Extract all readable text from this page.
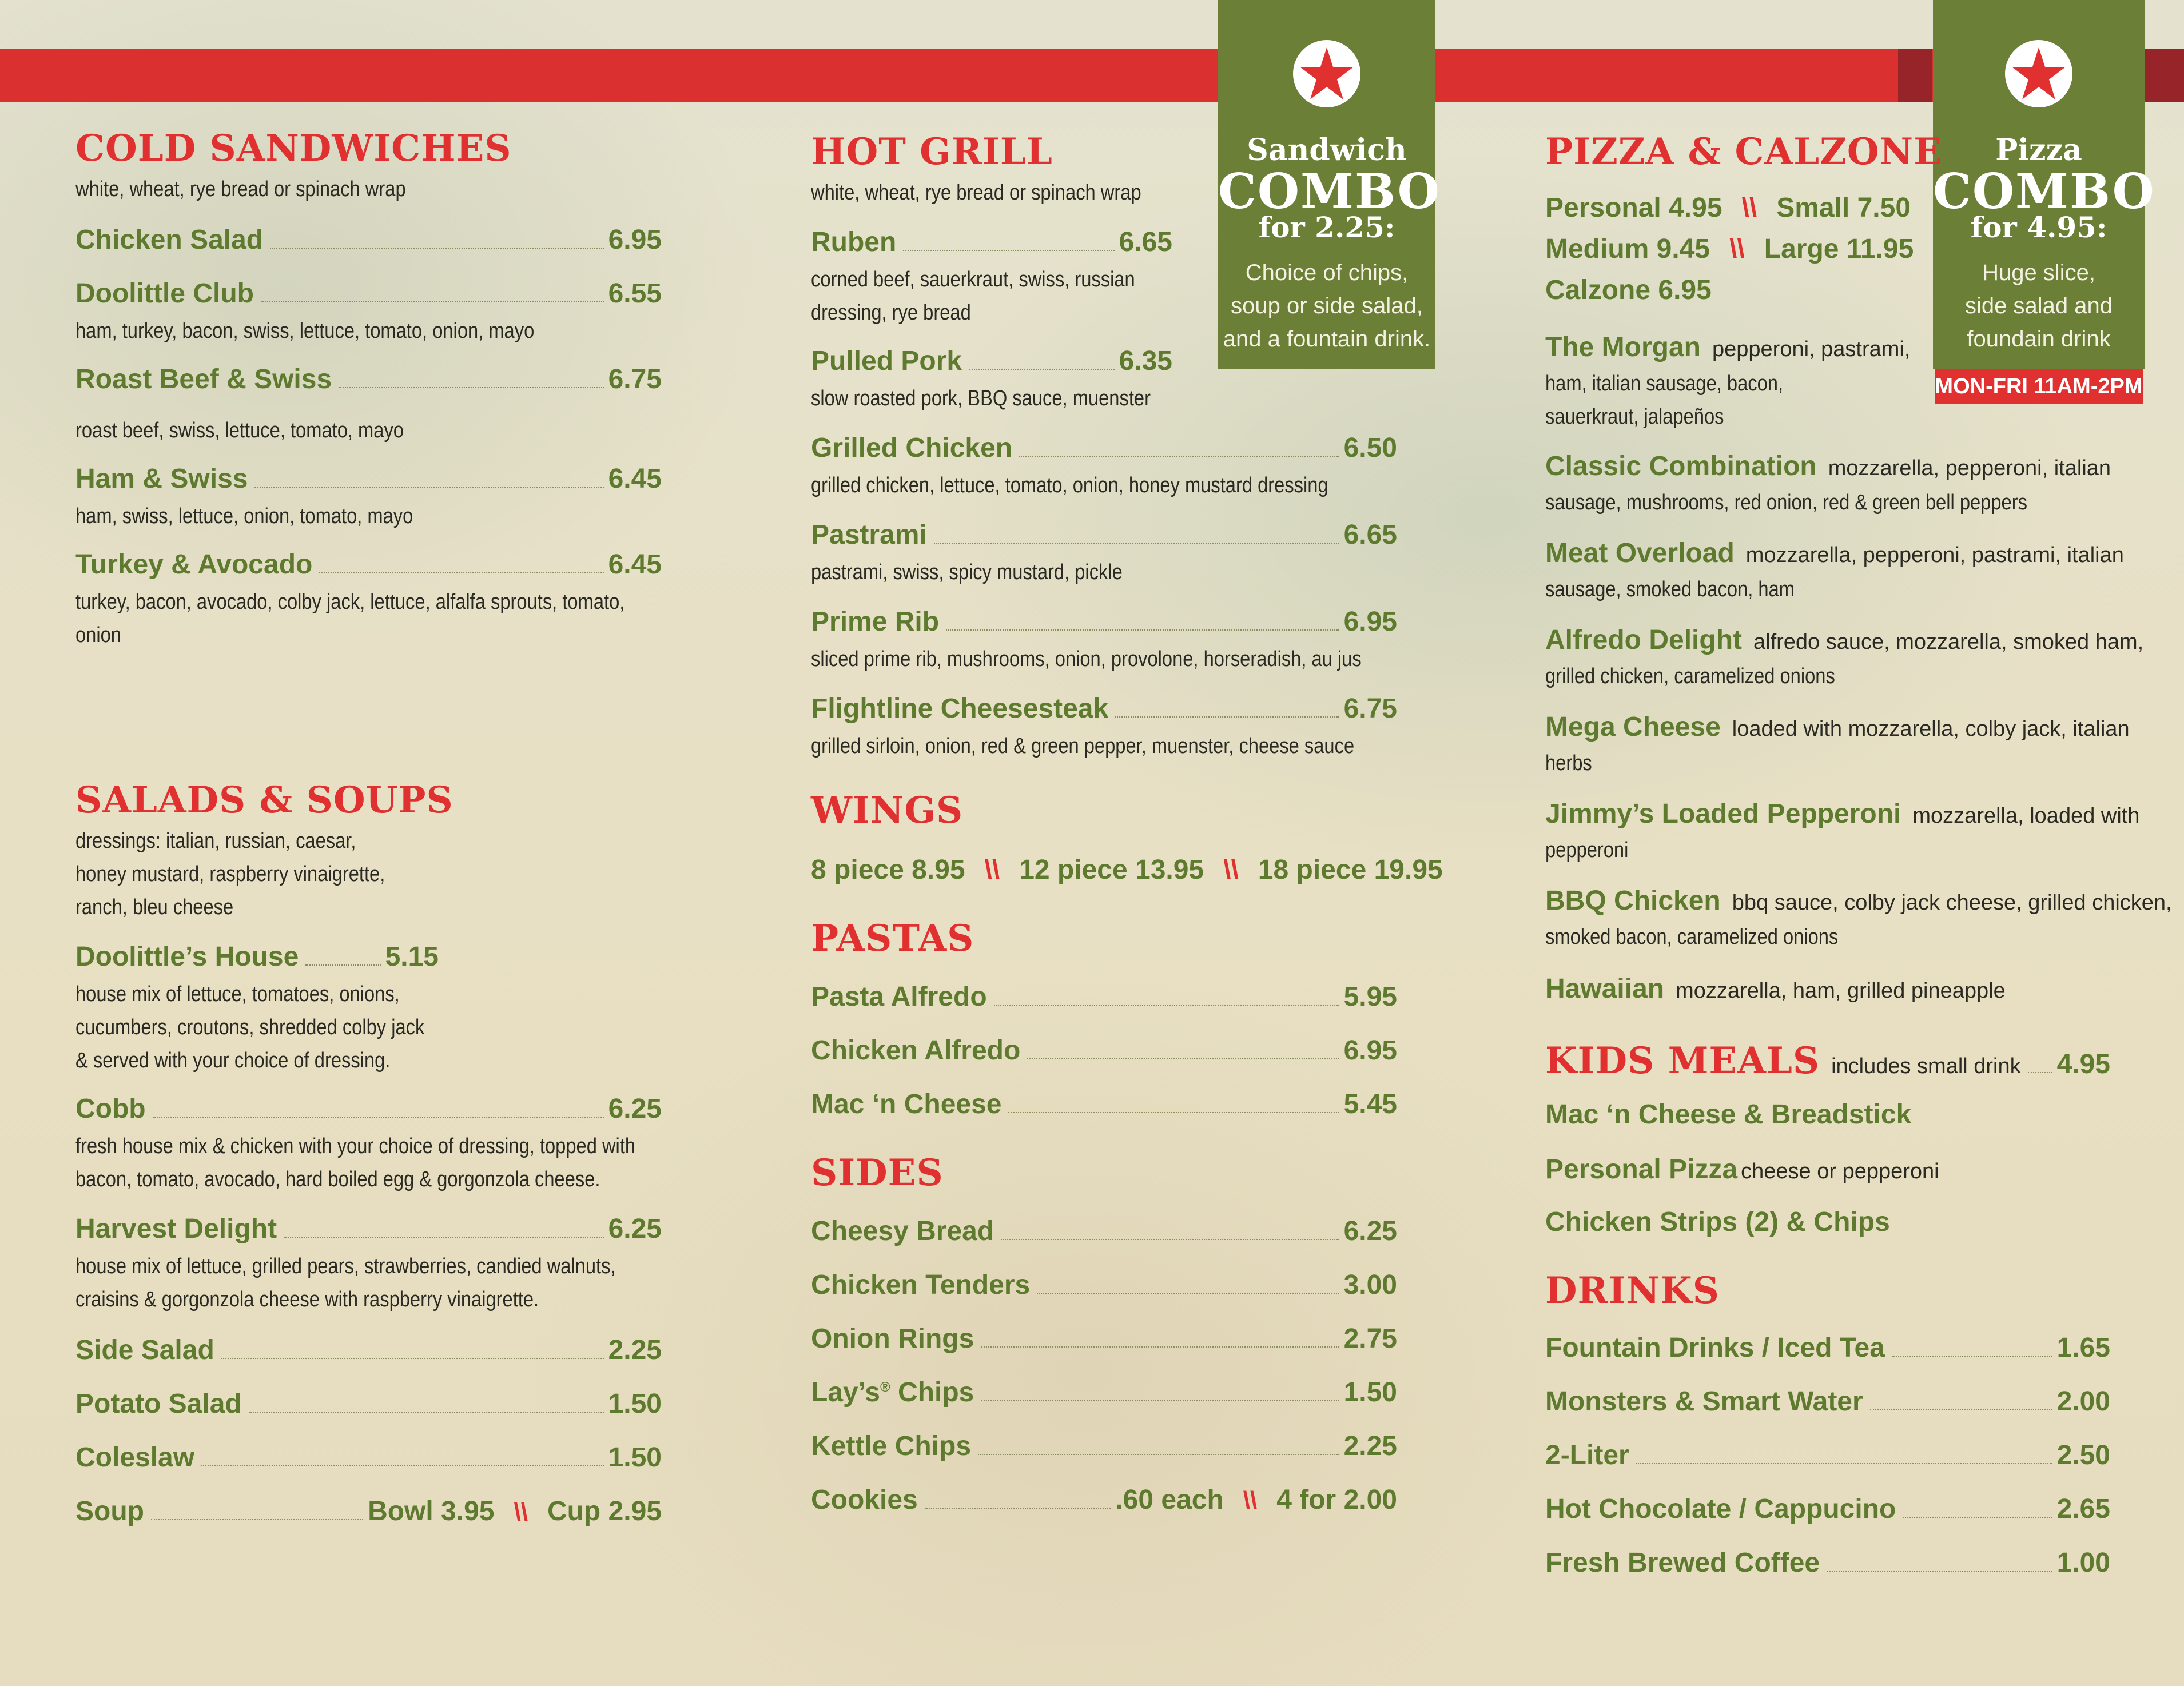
Sandwich
COMBO
for 2.25:
Choice of chips,
soup or side salad,
and a fountain drink.
Pizza
COMBO
for 4.95:
Huge slice,
side salad and
foundain drink
MON-FRI 11AM-2PM
COLD SANDWICHES
white, wheat, rye bread or spinach wrap
Chicken Salad	6.95
Doolittle Club	6.55
ham, turkey, bacon, swiss, lettuce, tomato, onion, mayo
Roast Beef & Swiss	6.75
roast beef, swiss, lettuce, tomato, mayo
Ham & Swiss	6.45
ham, swiss, lettuce, onion, tomato, mayo
Turkey & Avocado	6.45
turkey, bacon, avocado, colby jack, lettuce, alfalfa sprouts, tomato,
onion
SALADS & SOUPS
dressings: italian, russian, caesar,
honey mustard, raspberry vinaigrette,
ranch, bleu cheese
Doolittle’s House	5.15
house mix of lettuce, tomatoes, onions,
cucumbers, croutons, shredded colby jack
& served with your choice of dressing.
Cobb	6.25
fresh house mix & chicken with your choice of dressing, topped with
bacon, tomato, avocado, hard boiled egg & gorgonzola cheese.
Harvest Delight	6.25
house mix of lettuce, grilled pears, strawberries, candied walnuts,
craisins & gorgonzola cheese with raspberry vinaigrette.
Side Salad	2.25
Potato Salad	1.50
Coleslaw	1.50
Soup	Bowl 3.95 \\ Cup 2.95
HOT GRILL
white, wheat, rye bread or spinach wrap
Ruben	6.65
corned beef, sauerkraut, swiss, russian
dressing, rye bread
Pulled Pork	6.35
slow roasted pork, BBQ sauce, muenster
Grilled Chicken	6.50
grilled chicken, lettuce, tomato, onion, honey mustard dressing
Pastrami	6.65
pastrami, swiss, spicy mustard, pickle
Prime Rib	6.95
sliced prime rib, mushrooms, onion, provolone, horseradish, au jus
Flightline Cheesesteak	6.75
grilled sirloin, onion, red & green pepper, muenster, cheese sauce
WINGS
8 piece 8.95 \\ 12 piece 13.95 \\ 18 piece 19.95
PASTAS
Pasta Alfredo	5.95
Chicken Alfredo	6.95
Mac ‘n Cheese	5.45
SIDES
Cheesy Bread	6.25
Chicken Tenders	3.00
Onion Rings	2.75
Lay’s® Chips	1.50
Kettle Chips	2.25
Cookies	.60 each \\ 4 for 2.00
PIZZA & CALZONE
Personal 4.95 \\ Small 7.50
Medium 9.45 \\ Large 11.95
Calzone 6.95
The Morgan pepperoni, pastrami,
ham, italian sausage, bacon,
sauerkraut, jalapeños
Classic Combination mozzarella, pepperoni, italian
sausage, mushrooms, red onion, red & green bell peppers
Meat Overload mozzarella, pepperoni, pastrami, italian
sausage, smoked bacon, ham
Alfredo Delight alfredo sauce, mozzarella, smoked ham,
grilled chicken, caramelized onions
Mega Cheese loaded with mozzarella, colby jack, italian
herbs
Jimmy’s Loaded Pepperoni mozzarella, loaded with
pepperoni
BBQ Chicken bbq sauce, colby jack cheese, grilled chicken,
smoked bacon, caramelized onions
Hawaiian mozzarella, ham, grilled pineapple
KIDS MEALS includes small drink 4.95
Mac ‘n Cheese & Breadstick
Personal Pizza cheese or pepperoni
Chicken Strips (2) & Chips
DRINKS
Fountain Drinks / Iced Tea	1.65
Monsters & Smart Water	2.00
2-Liter	2.50
Hot Chocolate / Cappucino	2.65
Fresh Brewed Coffee	1.00
